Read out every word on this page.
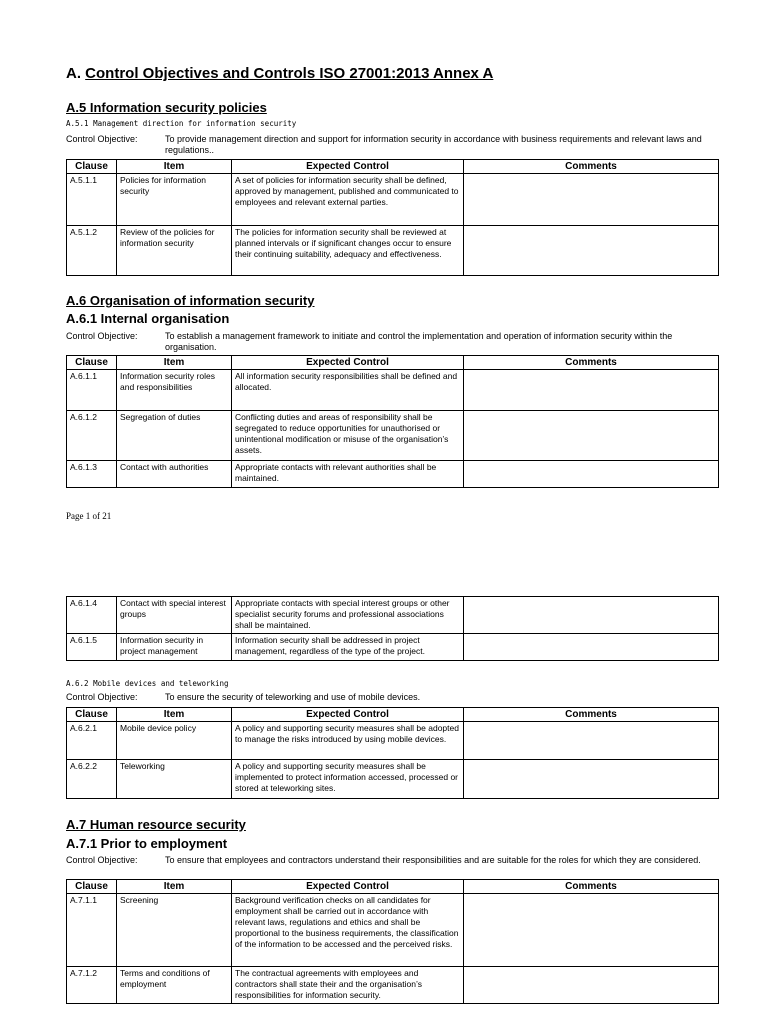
A. Control Objectives and Controls ISO 27001:2013 Annex A
A.5 Information security policies
A.5.1 Management direction for information security
Control Objective:	To provide management direction and support for information security in accordance with business requirements and relevant laws and regulations..
Clause	Item	Expected Control	Comments
A.5.1.1	Policies for information security	A set of policies for information security shall be defined, approved by management, published and communicated to employees and relevant external parties.	
A.5.1.2	Review of the policies for information security	The policies for information security shall be reviewed at planned intervals or if significant changes occur to ensure their continuing suitability, adequacy and effectiveness.	
A.6 Organisation of information security
A.6.1 Internal organisation
Control Objective:	To establish a management framework to initiate and control the implementation and operation of information security within the organisation.
Clause	Item	Expected Control	Comments
A.6.1.1	Information security roles and responsibilities	All information security responsibilities shall be defined and allocated.	
A.6.1.2	Segregation of duties	Conflicting duties and areas of responsibility shall be segregated to reduce opportunities for unauthorised or unintentional modification or misuse of the organisation’s assets.	
A.6.1.3	Contact with authorities	Appropriate contacts with relevant authorities shall be maintained.	
Page 1 of 21
A.6.1.4	Contact with special interest groups	Appropriate contacts with special interest groups or other specialist security forums and professional associations shall be maintained.	
A.6.1.5	Information security in project management	Information security shall be addressed in project management, regardless of the type of the project.	
A.6.2 Mobile devices and teleworking
Control Objective:	To ensure the security of teleworking and use of mobile devices.
Clause	Item	Expected Control	Comments
A.6.2.1	Mobile device policy	A policy and supporting security measures shall be adopted to manage the risks introduced by using mobile devices.	
A.6.2.2	Teleworking	A policy and supporting security measures shall be implemented to protect information accessed, processed or stored at teleworking sites.	
A.7 Human resource security
A.7.1 Prior to employment
Control Objective:	To ensure that employees and contractors understand their responsibilities and are suitable for the roles for which they are considered.
Clause	Item	Expected Control	Comments
A.7.1.1	Screening	Background verification checks on all candidates for employment shall be carried out in accordance with relevant laws, regulations and ethics and shall be proportional to the business requirements, the classification of the information to be accessed and the perceived risks.	
A.7.1.2	Terms and conditions of employment	The contractual agreements with employees and contractors shall state their and the organisation’s responsibilities for information security.	
